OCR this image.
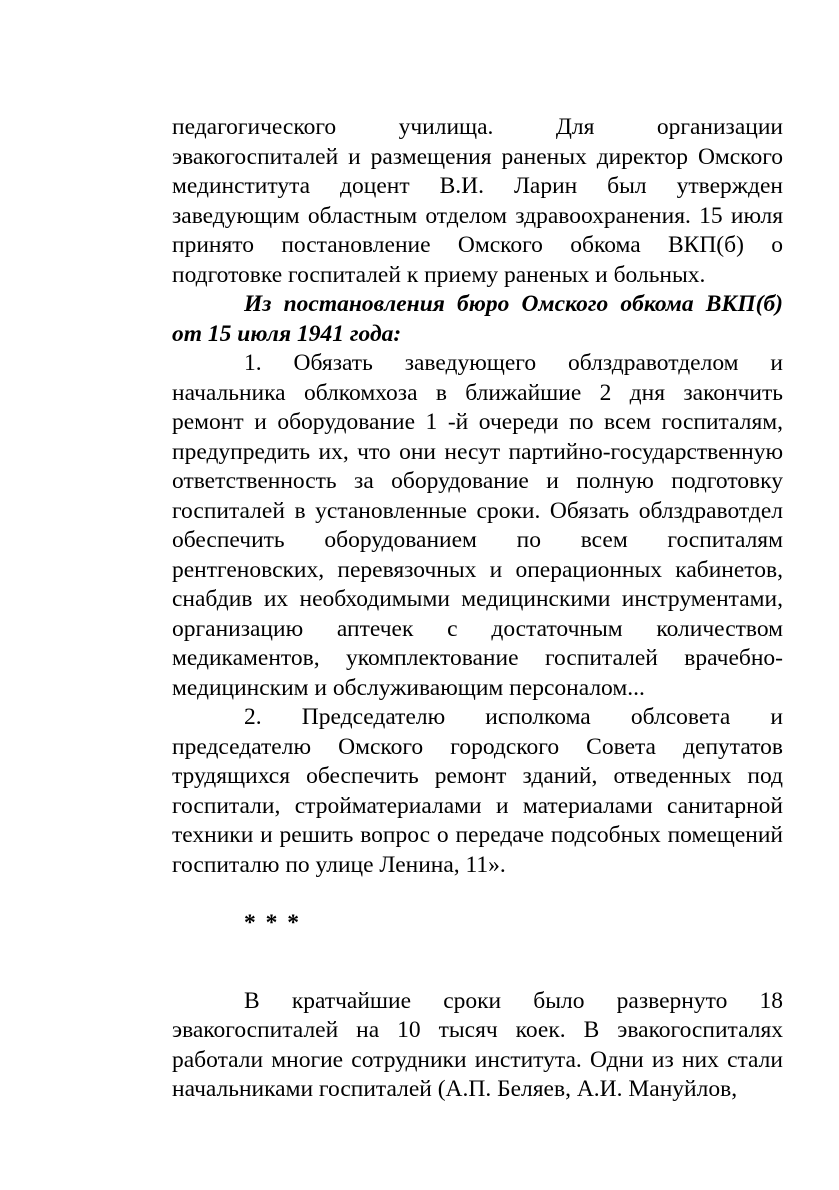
педагогического училища. Для организации эвакогоспиталей и размещения раненых директор Омского мединститута доцент В.И. Ларин был утвержден заведующим областным отделом здравоохранения. 15 июля принято постановление Омского обкома ВКП(б) о подготовке госпиталей к приему раненых и больных.

Из постановления бюро Омского обкома ВКП(б) от 15 июля 1941 года:

1. Обязать заведующего облздравотделом и начальника облкомхоза в ближайшие 2 дня закончить ремонт и оборудование 1 -й очереди по всем госпиталям, предупредить их, что они несут партийно-государственную ответственность за оборудование и полную подготовку госпиталей в установленные сроки. Обязать облздравотдел обеспечить оборудованием по всем госпиталям рентгеновских, перевязочных и операционных кабинетов, снабдив их необходимыми медицинскими инструментами, организацию аптечек с достаточным количеством медикаментов, укомплектование госпиталей врачебно-медицинским и обслуживающим персоналом...

2. Председателю исполкома облсовета и председателю Омского городского Совета депутатов трудящихся обеспечить ремонт зданий, отведенных под госпитали, стройматериалами и материалами санитарной техники и решить вопрос о передаче подсобных помещений госпиталю по улице Ленина, 11».

* * *

В кратчайшие сроки было развернуто 18 эвакогоспиталей на 10 тысяч коек. В эвакогоспиталях работали многие сотрудники института. Одни из них стали начальниками госпиталей (А.П. Беляев, А.И. Мануйлов,
